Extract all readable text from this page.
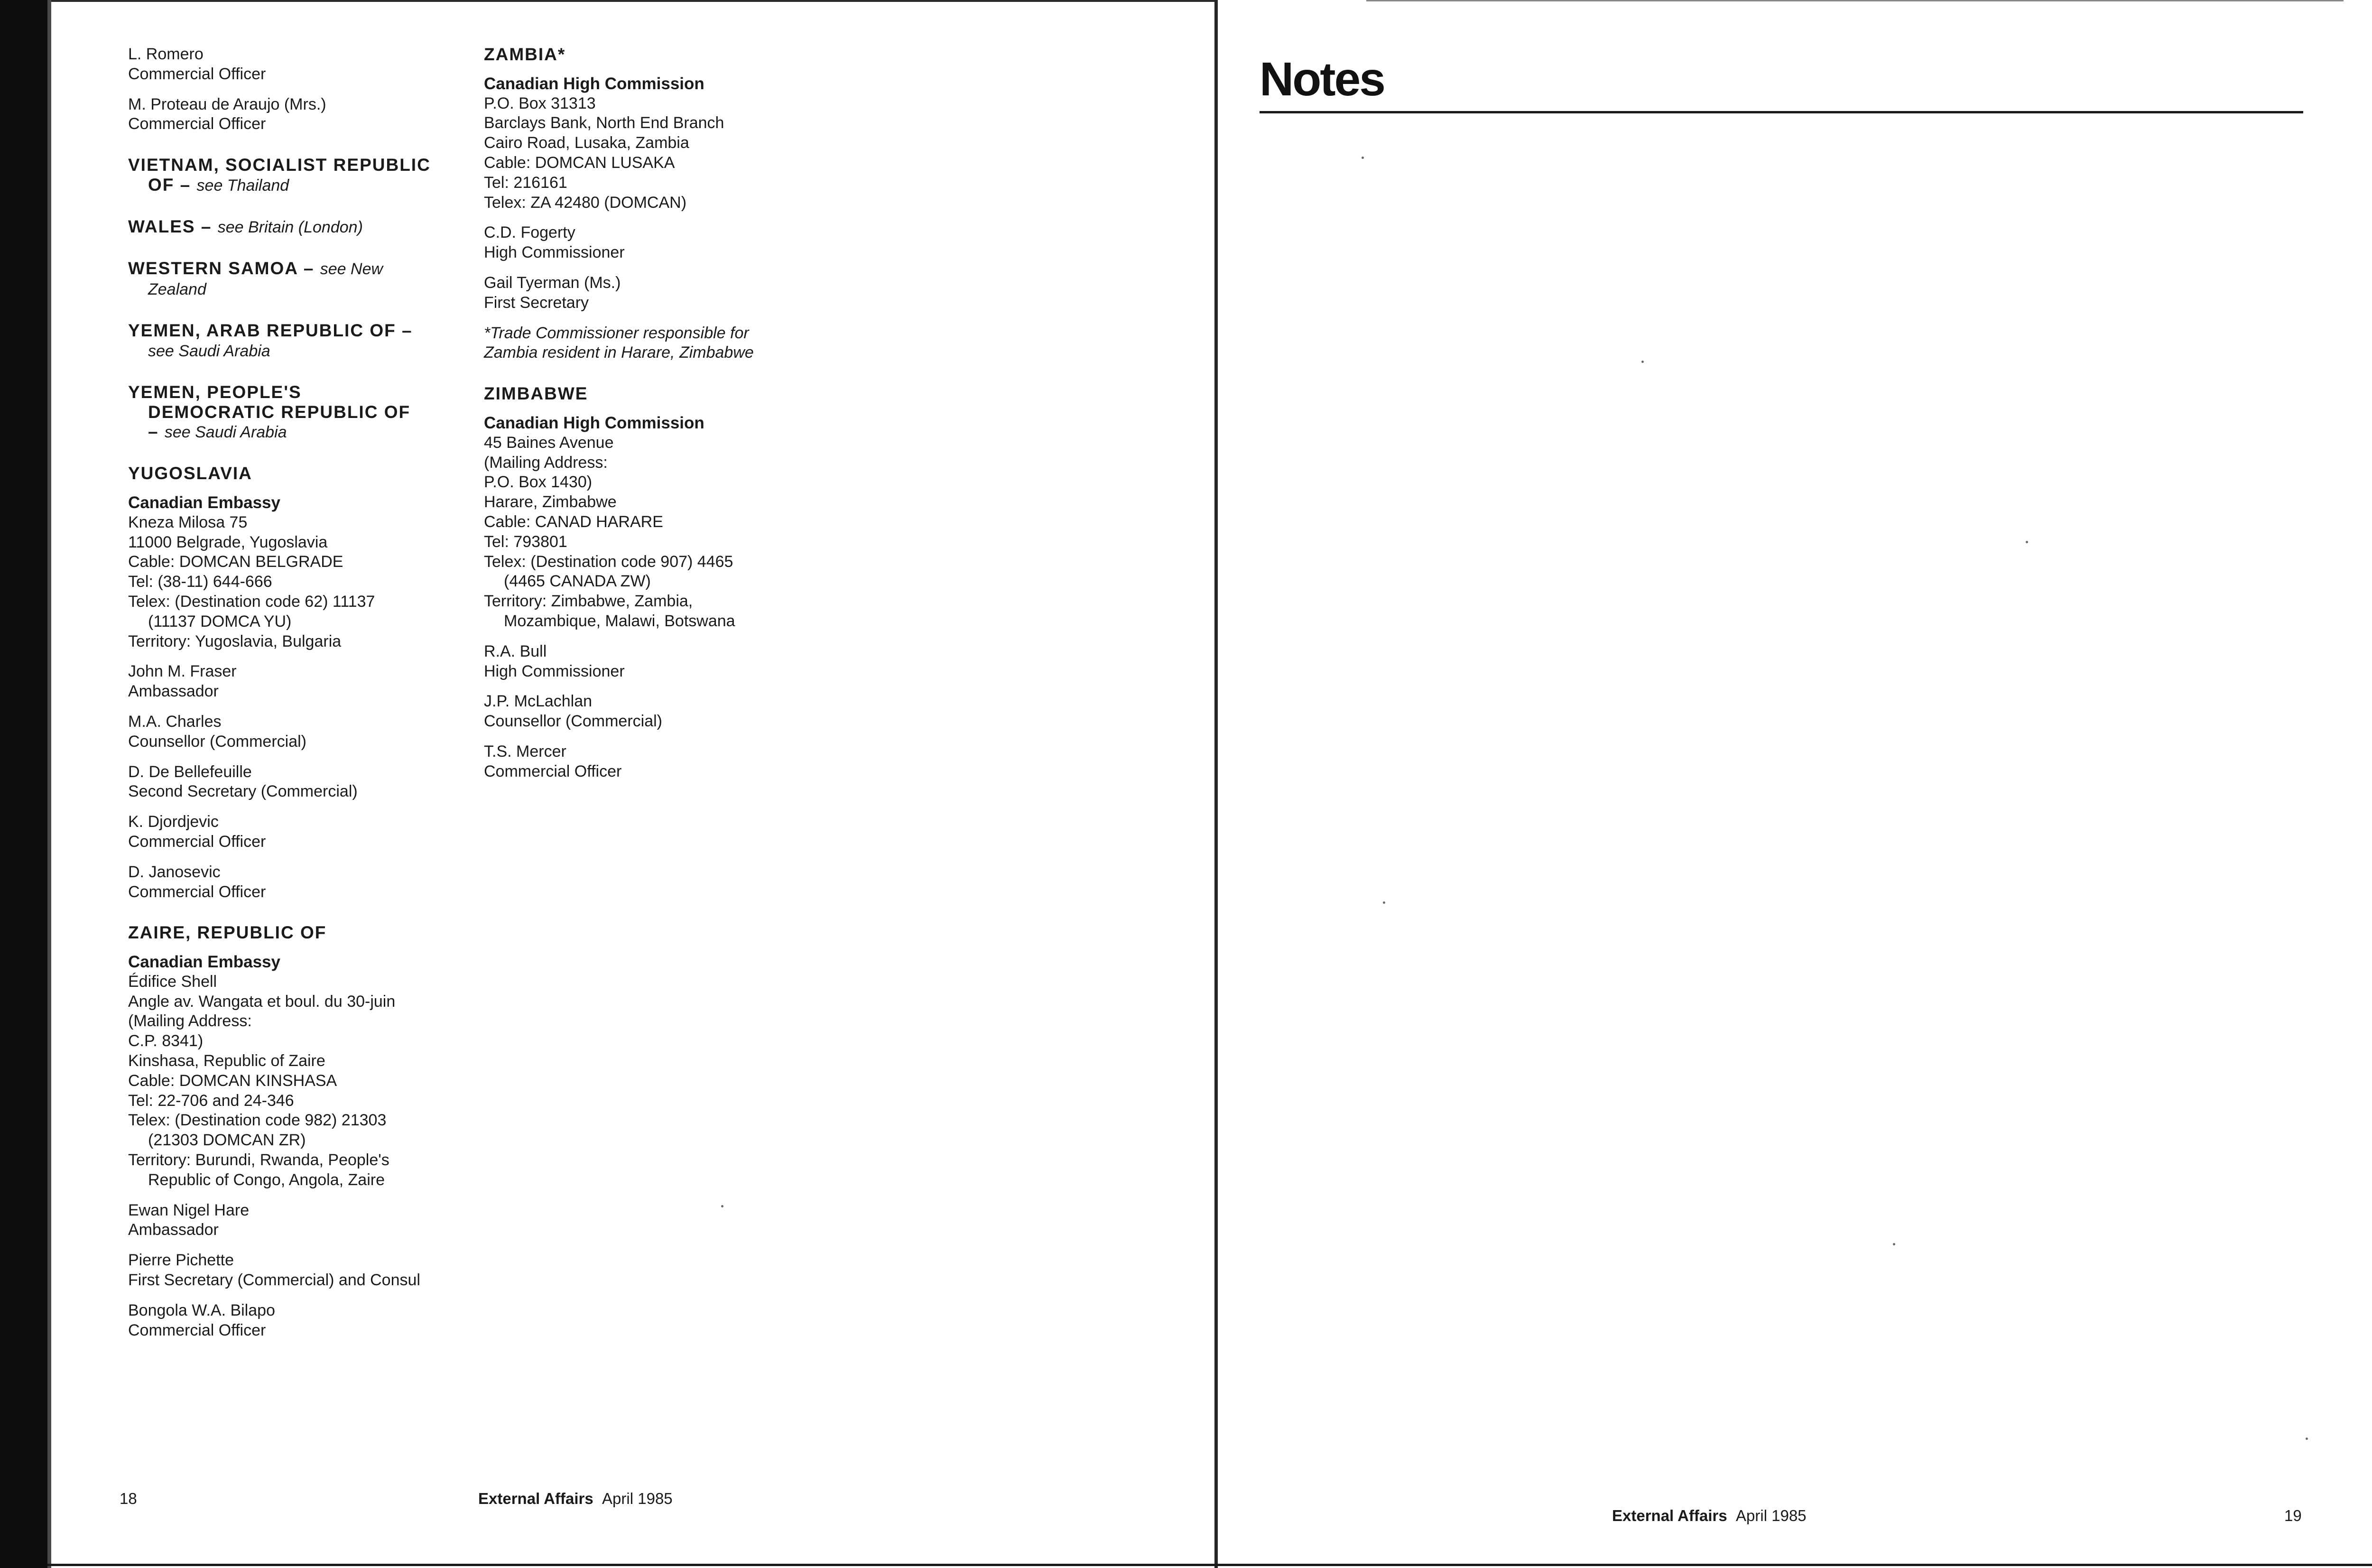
L. Romero
Commercial Officer
M. Proteau de Araujo (Mrs.)
Commercial Officer
VIETNAM, SOCIALIST REPUBLIC
OF – see Thailand
WALES – see Britain (London)
WESTERN SAMOA – see New
Zealand
YEMEN, ARAB REPUBLIC OF –
see Saudi Arabia
YEMEN, PEOPLE'S
DEMOCRATIC REPUBLIC OF
– see Saudi Arabia
YUGOSLAVIA
Canadian Embassy
Kneza Milosa 75
11000 Belgrade, Yugoslavia
Cable: DOMCAN BELGRADE
Tel: (38-11) 644-666
Telex: (Destination code 62) 11137
(11137 DOMCA YU)
Territory: Yugoslavia, Bulgaria
John M. Fraser
Ambassador
M.A. Charles
Counsellor (Commercial)
D. De Bellefeuille
Second Secretary (Commercial)
K. Djordjevic
Commercial Officer
D. Janosevic
Commercial Officer
ZAIRE, REPUBLIC OF
Canadian Embassy
Édifice Shell
Angle av. Wangata et boul. du 30-juin
(Mailing Address:
C.P. 8341)
Kinshasa, Republic of Zaire
Cable: DOMCAN KINSHASA
Tel: 22-706 and 24-346
Telex: (Destination code 982) 21303
(21303 DOMCAN ZR)
Territory: Burundi, Rwanda, People's
Republic of Congo, Angola, Zaire
Ewan Nigel Hare
Ambassador
Pierre Pichette
First Secretary (Commercial) and Consul
Bongola W.A. Bilapo
Commercial Officer
ZAMBIA*
Canadian High Commission
P.O. Box 31313
Barclays Bank, North End Branch
Cairo Road, Lusaka, Zambia
Cable: DOMCAN LUSAKA
Tel: 216161
Telex: ZA 42480 (DOMCAN)
C.D. Fogerty
High Commissioner
Gail Tyerman (Ms.)
First Secretary
*Trade Commissioner responsible for
Zambia resident in Harare, Zimbabwe
ZIMBABWE
Canadian High Commission
45 Baines Avenue
(Mailing Address:
P.O. Box 1430)
Harare, Zimbabwe
Cable: CANAD HARARE
Tel: 793801
Telex: (Destination code 907) 4465
(4465 CANADA ZW)
Territory: Zimbabwe, Zambia,
Mozambique, Malawi, Botswana
R.A. Bull
High Commissioner
J.P. McLachlan
Counsellor (Commercial)
T.S. Mercer
Commercial Officer
18	External Affairs April 1985
Notes
External Affairs April 1985	19
